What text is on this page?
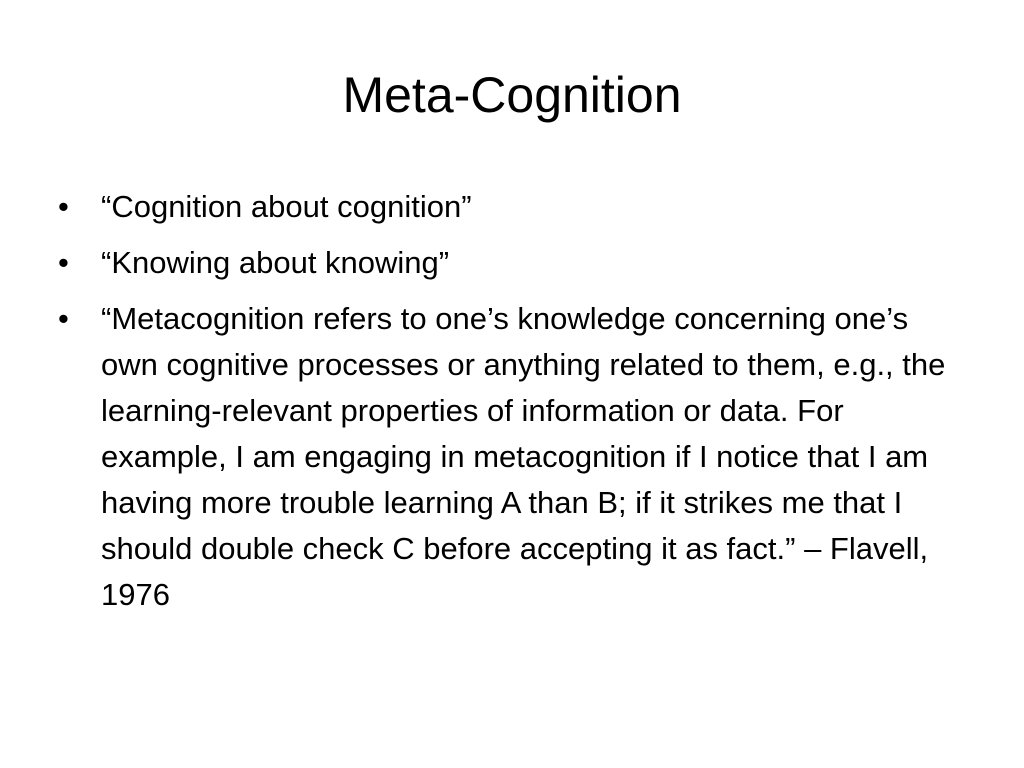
Meta-Cognition
• “Cognition about cognition”
• “Knowing about knowing”
• “Metacognition refers to one’s knowledge concerning one’s own cognitive processes or anything related to them, e.g., the learning-relevant properties of information or data. For example, I am engaging in metacognition if I notice that I am having more trouble learning A than B; if it strikes me that I should double check C before accepting it as fact.” – Flavell, 1976
